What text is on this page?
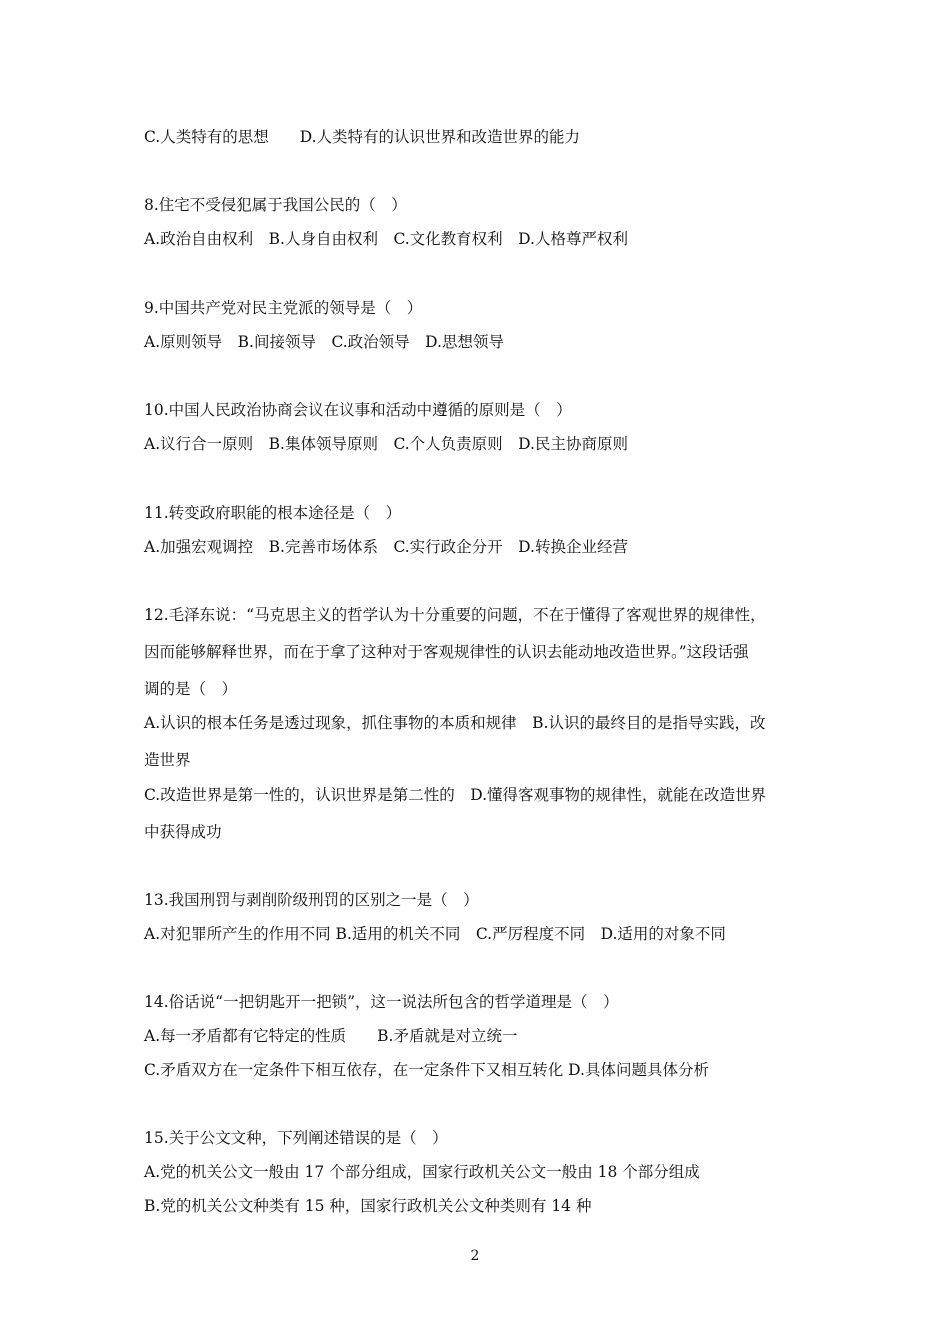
C.人类特有的思想　　D.人类特有的认识世界和改造世界的能力
8.住宅不受侵犯属于我国公民的（　）
A.政治自由权利　B.人身自由权利　C.文化教育权利　D.人格尊严权利
9.中国共产党对民主党派的领导是（　）
A.原则领导　B.间接领导　C.政治领导　D.思想领导
10.中国人民政治协商会议在议事和活动中遵循的原则是（　）
A.议行合一原则　B.集体领导原则　C.个人负责原则　D.民主协商原则
11.转变政府职能的根本途径是（　）
A.加强宏观调控　B.完善市场体系　C.实行政企分开　D.转换企业经营
12.毛泽东说：“马克思主义的哲学认为十分重要的问题，不在于懂得了客观世界的规律性，
因而能够解释世界，而在于拿了这种对于客观规律性的认识去能动地改造世界。”这段话强
调的是（　）
A.认识的根本任务是透过现象，抓住事物的本质和规律　B.认识的最终目的是指导实践，改
造世界
C.改造世界是第一性的，认识世界是第二性的　D.懂得客观事物的规律性，就能在改造世界
中获得成功
13.我国刑罚与剥削阶级刑罚的区别之一是（　）
A.对犯罪所产生的作用不同 B.适用的机关不同　C.严厉程度不同　D.适用的对象不同
14.俗话说“一把钥匙开一把锁”，这一说法所包含的哲学道理是（　）
A.每一矛盾都有它特定的性质　　B.矛盾就是对立统一
C.矛盾双方在一定条件下相互依存，在一定条件下又相互转化 D.具体问题具体分析
15.关于公文文种，下列阐述错误的是（　）
A.党的机关公文一般由 17 个部分组成，国家行政机关公文一般由 18 个部分组成
B.党的机关公文种类有 15 种，国家行政机关公文种类则有 14 种
2
